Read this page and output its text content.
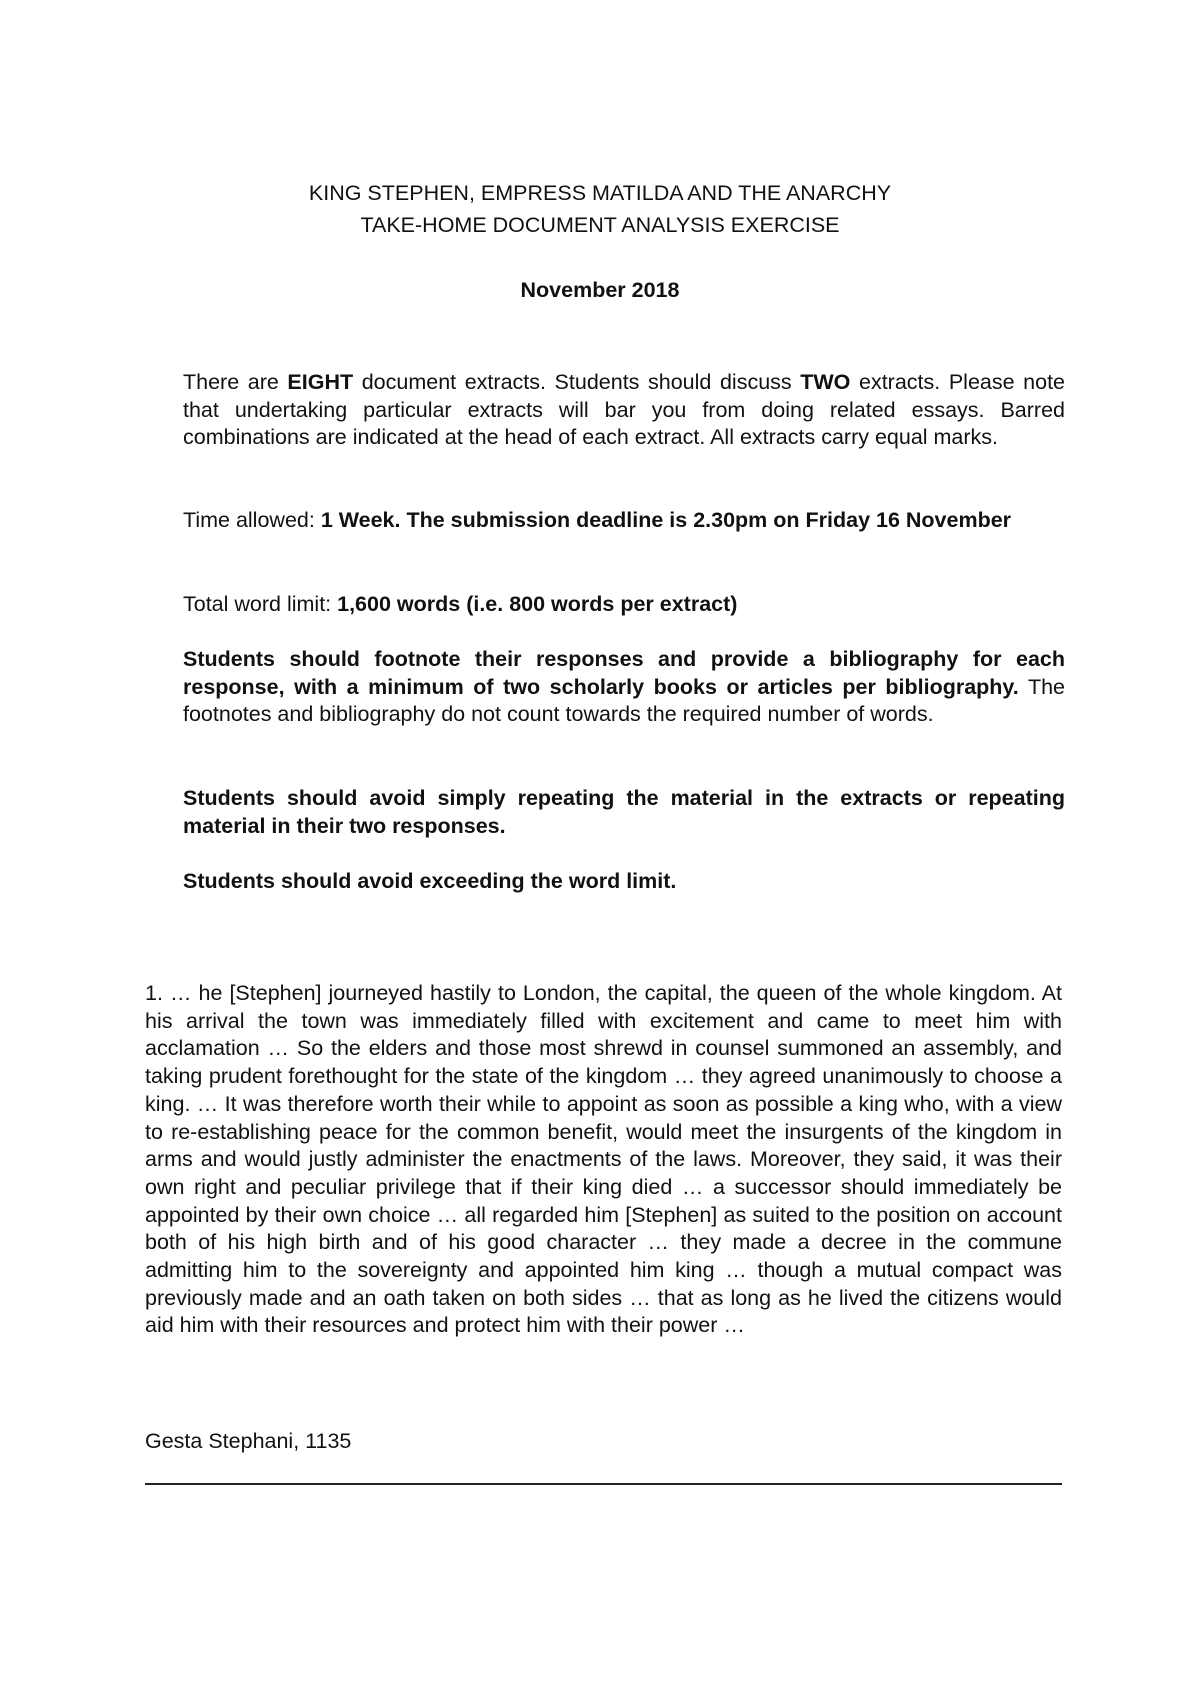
KING STEPHEN, EMPRESS MATILDA AND THE ANARCHY
TAKE-HOME DOCUMENT ANALYSIS EXERCISE
November 2018
There are EIGHT document extracts. Students should discuss TWO extracts. Please note that undertaking particular extracts will bar you from doing related essays. Barred combinations are indicated at the head of each extract. All extracts carry equal marks.
Time allowed: 1 Week. The submission deadline is 2.30pm on Friday 16 November
Total word limit: 1,600 words (i.e. 800 words per extract)
Students should footnote their responses and provide a bibliography for each response, with a minimum of two scholarly books or articles per bibliography. The footnotes and bibliography do not count towards the required number of words.
Students should avoid simply repeating the material in the extracts or repeating material in their two responses.
Students should avoid exceeding the word limit.
1. … he [Stephen] journeyed hastily to London, the capital, the queen of the whole kingdom. At his arrival the town was immediately filled with excitement and came to meet him with acclamation … So the elders and those most shrewd in counsel summoned an assembly, and taking prudent forethought for the state of the kingdom … they agreed unanimously to choose a king. … It was therefore worth their while to appoint as soon as possible a king who, with a view to re-establishing peace for the common benefit, would meet the insurgents of the kingdom in arms and would justly administer the enactments of the laws. Moreover, they said, it was their own right and peculiar privilege that if their king died … a successor should immediately be appointed by their own choice … all regarded him [Stephen] as suited to the position on account both of his high birth and of his good character … they made a decree in the commune admitting him to the sovereignty and appointed him king … though a mutual compact was previously made and an oath taken on both sides … that as long as he lived the citizens would aid him with their resources and protect him with their power …
Gesta Stephani, 1135
